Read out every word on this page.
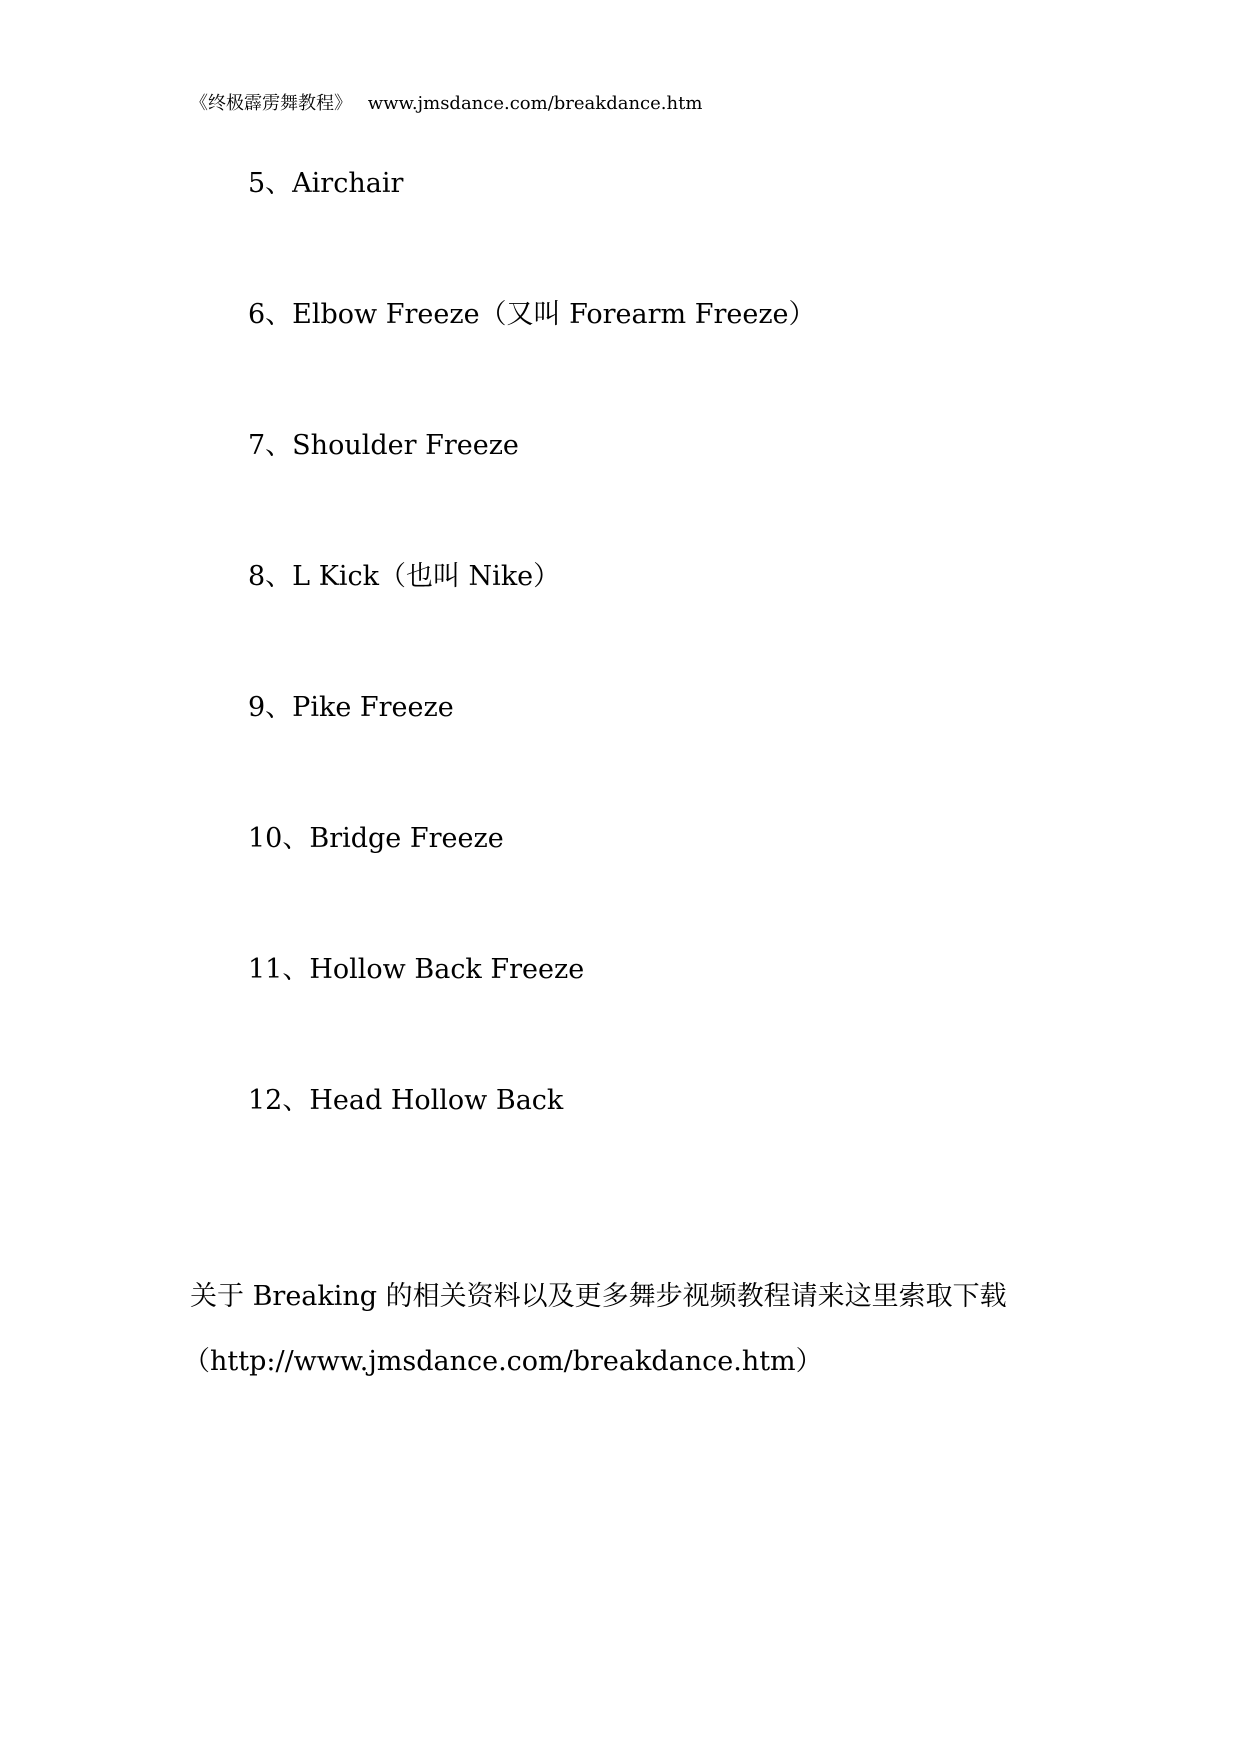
《终极霹雳舞教程》 www.jmsdance.com/breakdance.htm
5、Airchair
6、Elbow Freeze（又叫 Forearm Freeze）
7、Shoulder Freeze
8、L Kick（也叫 Nike）
9、Pike Freeze
10、Bridge Freeze
11、Hollow Back Freeze
12、Head Hollow Back
关于 Breaking 的相关资料以及更多舞步视频教程请来这里索取下载
（http://www.jmsdance.com/breakdance.htm）
